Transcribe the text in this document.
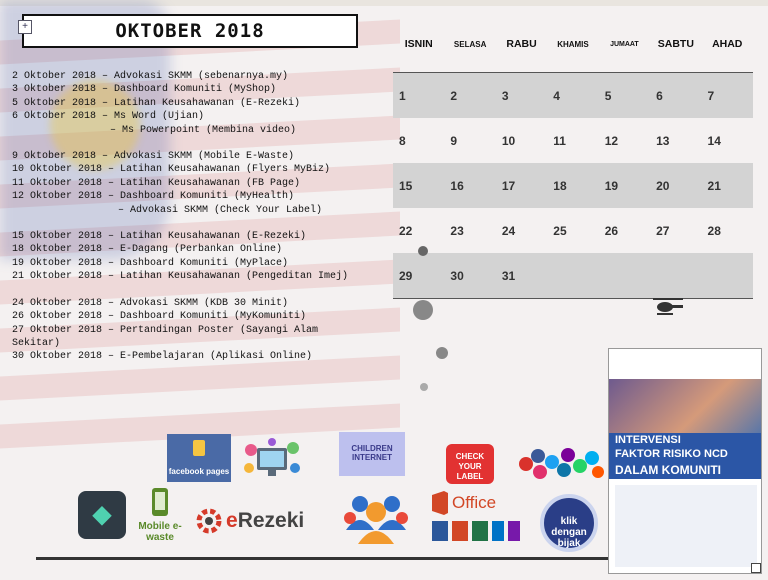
OKTOBER 2018
+
2 Oktober 2018 – Advokasi SKMM (sebenarnya.my)
3 Oktober 2018 – Dashboard Komuniti (MyShop)
5 Oktober 2018 – Latihan Keusahawanan (E-Rezeki)
6 Oktober 2018 – Ms Word (Ujian)
– Ms Powerpoint (Membina video)
9 Oktober 2018 – Advokasi SKMM (Mobile E-Waste)
10 Oktober 2018 – Latihan Keusahawanan (Flyers MyBiz)
11 Oktober 2018 – Latihan Keusahawanan (FB Page)
12 Oktober 2018 – Dashboard Komuniti (MyHealth)
– Advokasi SKMM (Check Your Label)
15 Oktober 2018 – Latihan Keusahawanan (E-Rezeki)
18 Oktober 2018 – E-Dagang (Perbankan Online)
19 Oktober 2018 – Dashboard Komuniti (MyPlace)
21 Oktober 2018 – Latihan Keusahawanan (Pengeditan Imej)
24 Oktober 2018 – Advokasi SKMM (KDB 30 Minit)
26 Oktober 2018 – Dashboard Komuniti (MyKomuniti)
27 Oktober 2018 – Pertandingan Poster (Sayangi Alam
Sekitar)
30 Oktober 2018 – E-Pembelajaran (Aplikasi Online)
ISNIN	SELASA	RABU	KHAMIS	JUMAAT	SABTU	AHAD
1	2	3	4	5	6	7
8	9	10	11	12	13	14
15	16	17	18	19	20	21
22	23	24	25	26	27	28
29	30	31
facebook pages
CHILDREN INTERNET	CHECK YOUR LABEL
◆	Mobile e-waste
e Rezeki
Office
klik dengan bijak
INTERVENSI
FAKTOR RISIKO NCD
DALAM KOMUNITI
